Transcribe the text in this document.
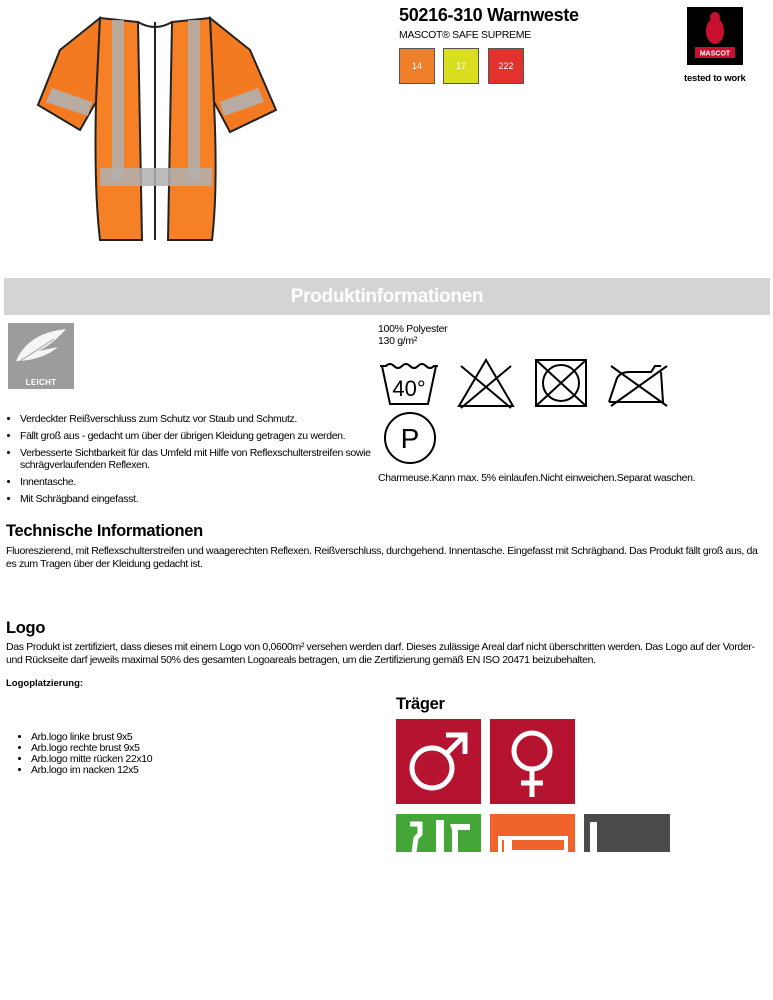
50216-310 Warnweste
MASCOT® SAFE SUPREME
14	17	222
MASCOT
tested to work
Produktinformationen
LEICHT
100% Polyester
130 g/m²
40°
P
Charmeuse.Kann max. 5% einlaufen.Nicht einweichen.Separat waschen.
• Verdeckter Reißverschluss zum Schutz vor Staub und Schmutz.
• Fällt groß aus - gedacht um über der übrigen Kleidung getragen zu werden.
• Verbesserte Sichtbarkeit für das Umfeld mit Hilfe von Reflexschulterstreifen sowie schrägverlaufenden Reflexen.
• Innentasche.
• Mit Schrägband eingefasst.
Technische Informationen
Fluoreszierend, mit Reflexschulterstreifen und waagerechten Reflexen. Reißverschluss, durchgehend. Innentasche. Eingefasst mit Schrägband. Das Produkt fällt groß aus, da es zum Tragen über der Kleidung gedacht ist.
Logo
Das Produkt ist zertifiziert, dass dieses mit einem Logo von 0,0600m² versehen werden darf. Dieses zulässige Areal darf nicht überschritten werden. Das Logo auf der Vorder- und Rückseite darf jeweils maximal 50% des gesamten Logoareals betragen, um die Zertifizierung gemäß EN ISO 20471 beizubehalten.
Logoplatzierung:
• Arb.logo linke brust 9x5
• Arb.logo rechte brust 9x5
• Arb.logo mitte rücken 22x10
• Arb.logo im nacken 12x5
Träger
